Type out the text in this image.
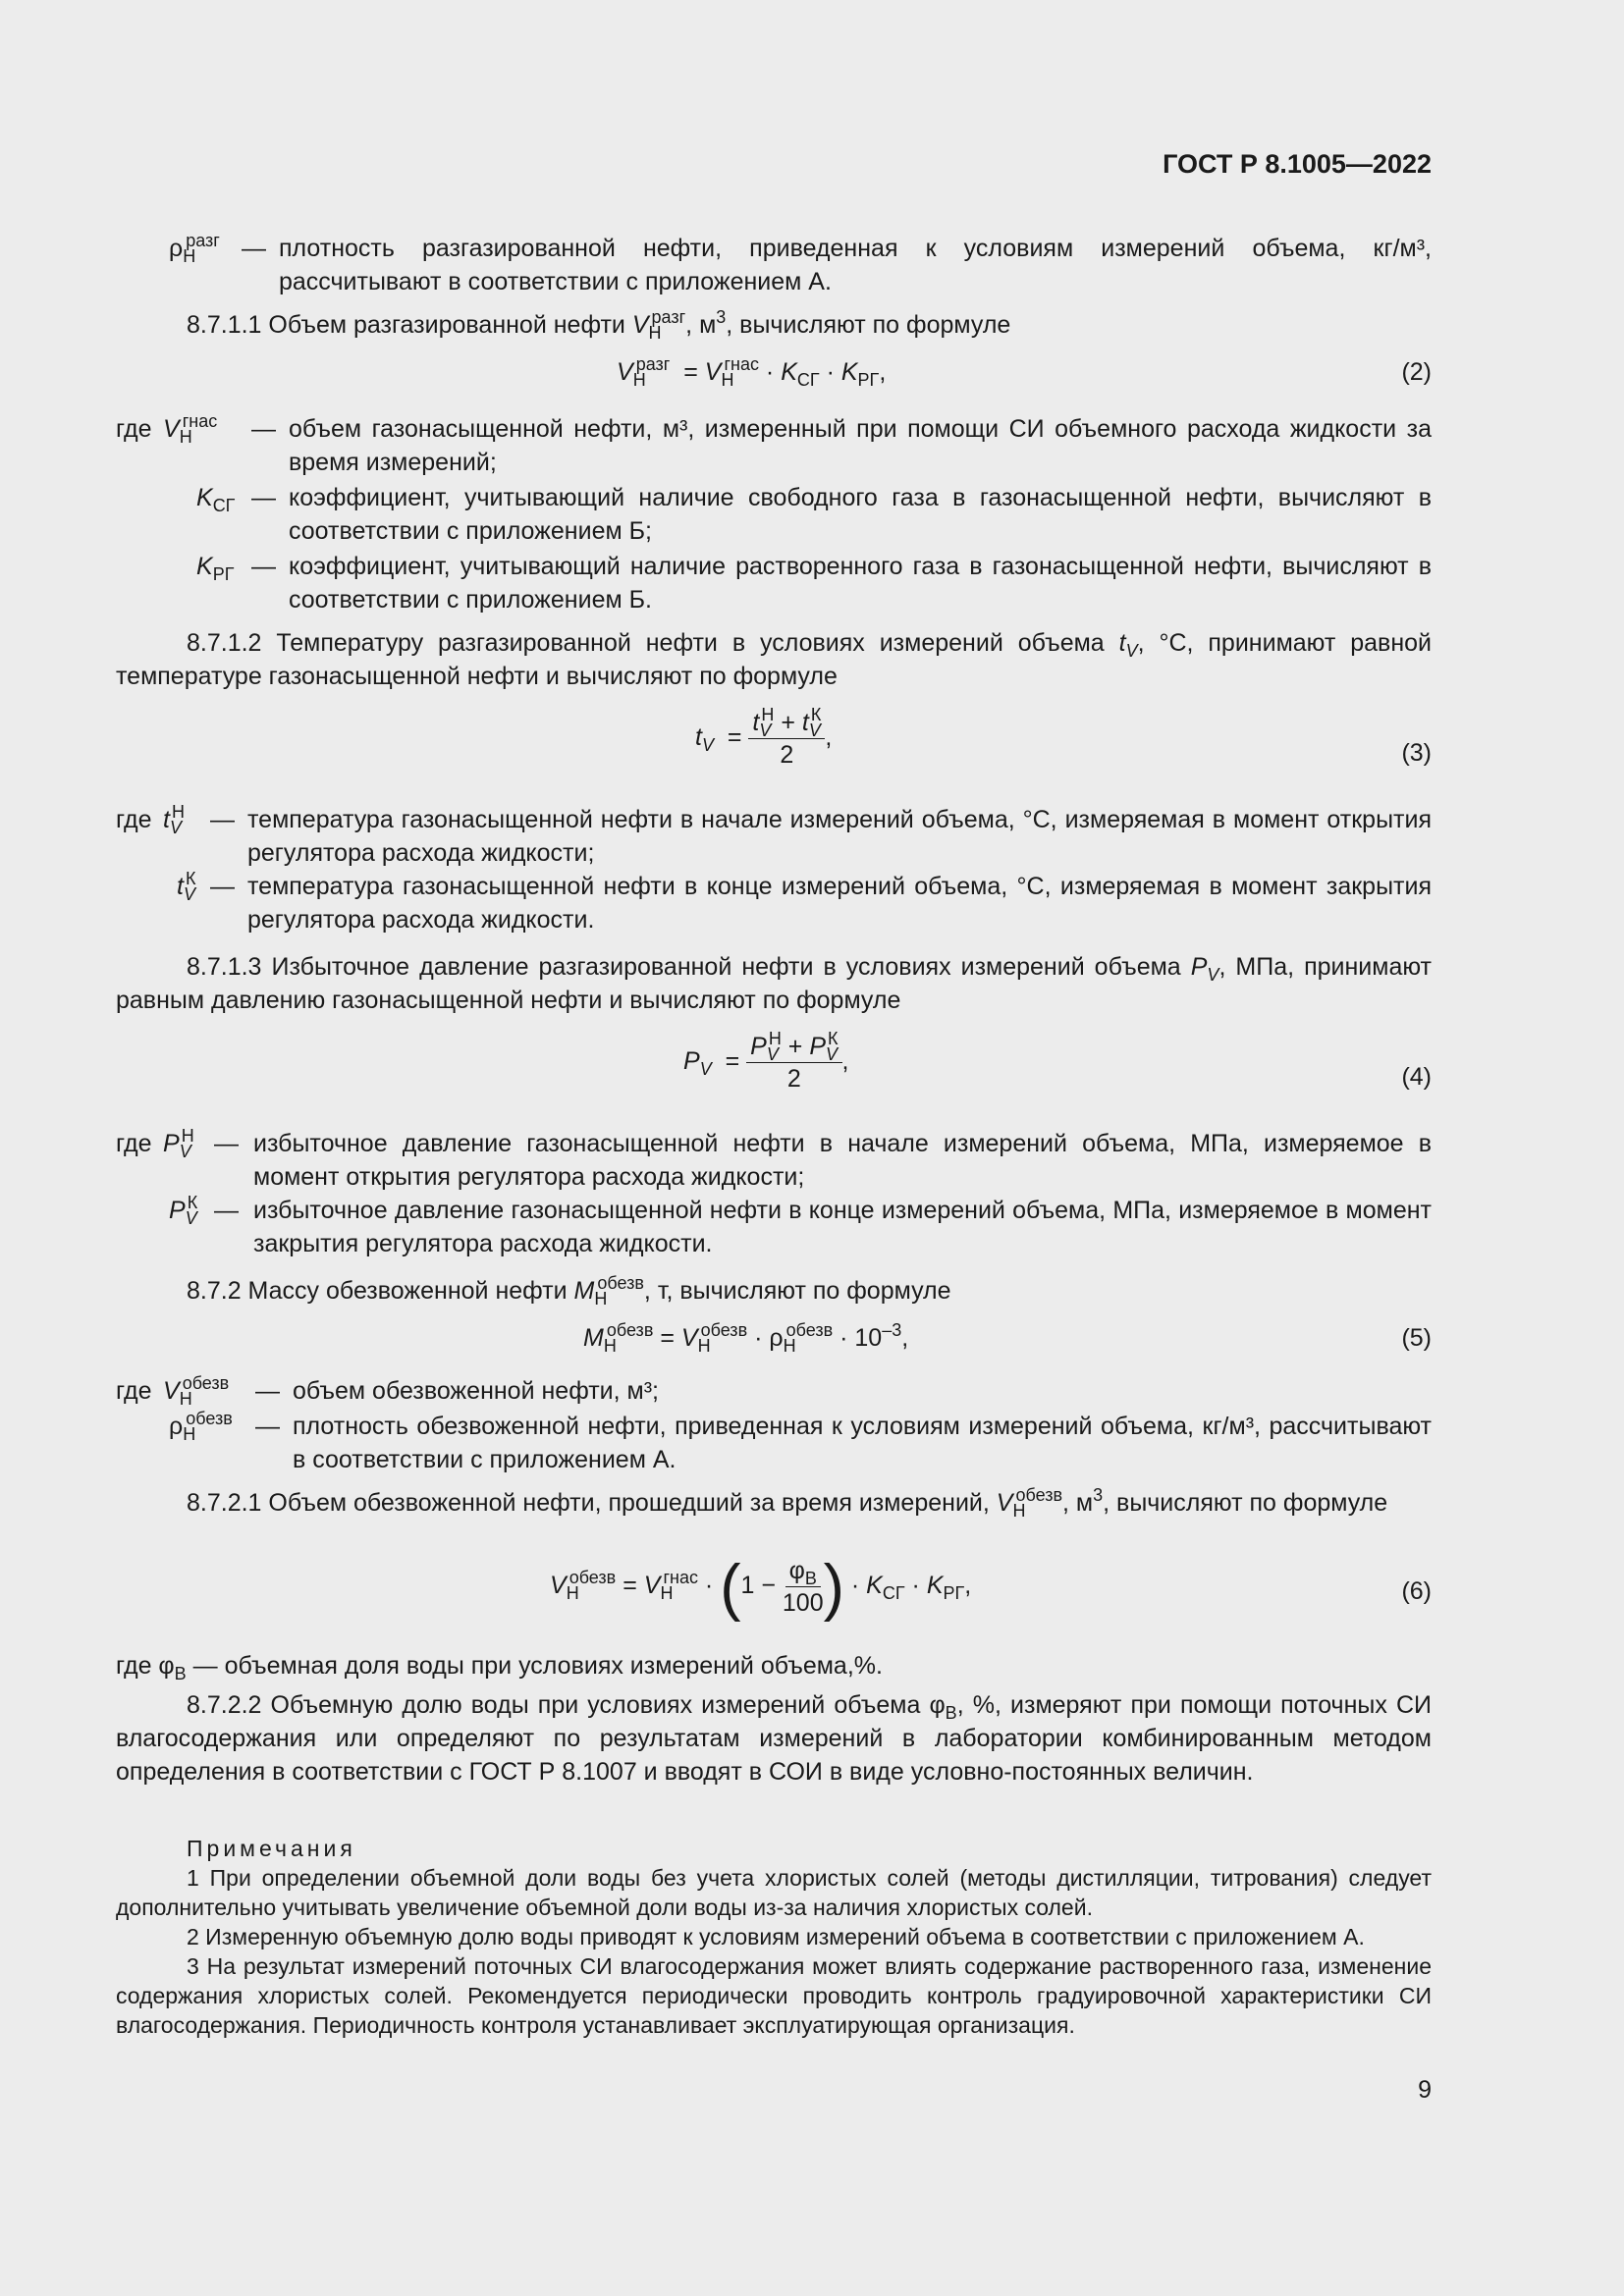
ГОСТ Р 8.1005—2022
$\rho_Н^{разг}$ — плотность разгазированной нефти, приведенная к условиям измерений объема, кг/м³, рассчитывают в соответствии с приложением А.
8.7.1.1 Объем разгазированной нефти $V_Н^{разг}$, $м^3$, вычисляют по формуле
$V_Н^{разг} = V_Н^{гнас} \cdot K_{СГ} \cdot K_{РГ}$,	(2)
где $V_Н^{гнас}$ — объем газонасыщенной нефти, м³, измеренный при помощи СИ объемного расхода жидкости за время измерений;
$K_{СГ}$ — коэффициент, учитывающий наличие свободного газа в газонасыщенной нефти, вычисляют в соответствии с приложением Б;
$K_{РГ}$ — коэффициент, учитывающий наличие растворенного газа в газонасыщенной нефти, вычисляют в соответствии с приложением Б.
8.7.1.2 Температуру разгазированной нефти в условиях измерений объема $t_V$, °С, принимают равной температуре газонасыщенной нефти и вычисляют по формуле
$t_V = \frac{t_V^Н + t_V^К}{2}$ ,
(3)
где $t_V^Н$ — температура газонасыщенной нефти в начале измерений объема, °С, измеряемая в момент открытия регулятора расхода жидкости;
$t_V^К$ — температура газонасыщенной нефти в конце измерений объема, °С, измеряемая в момент закрытия регулятора расхода жидкости.
8.7.1.3 Избыточное давление разгазированной нефти в условиях измерений объема $P_V$, МПа, принимают равным давлению газонасыщенной нефти и вычисляют по формуле
$P_V = \frac{P_V^Н + P_V^К}{2}$ ,
(4)
где $P_V^Н$ — избыточное давление газонасыщенной нефти в начале измерений объема, МПа, измеряемое в момент открытия регулятора расхода жидкости;
$P_V^К$ — избыточное давление газонасыщенной нефти в конце измерений объема, МПа, измеряемое в момент закрытия регулятора расхода жидкости.
8.7.2 Массу обезвоженной нефти $M_Н^{обезв}$, т, вычисляют по формуле
$M_Н^{обезв} = V_Н^{обезв} \cdot \rho_Н^{обезв} \cdot 10^{-3}$,	(5)
где $V_Н^{обезв}$ — объем обезвоженной нефти, м³;
$\rho_Н^{обезв}$ — плотность обезвоженной нефти, приведенная к условиям измерений объема, кг/м³, рассчитывают в соответствии с приложением А.
8.7.2.1 Объем обезвоженной нефти, прошедший за время измерений, $V_Н^{обезв}$, $м^3$, вычисляют по формуле
$V_Н^{обезв} = V_Н^{гнас} \cdot (1 - \frac{\varphi_В}{100}$ ) · $K_{СГ} \cdot K_{РГ}$,	(6)
где $\varphi_В$ — объемная доля воды при условиях измерений объема,%.
8.7.2.2 Объемную долю воды при условиях измерений объема $\varphi_В$, %, измеряют при помощи поточных СИ влагосодержания или определяют по результатам измерений в лаборатории комбинированным методом определения в соответствии с ГОСТ Р 8.1007 и вводят в СОИ в виде условно-постоянных величин.
Примечания
1 При определении объемной доли воды без учета хлористых солей (методы дистилляции, титрования) следует дополнительно учитывать увеличение объемной доли воды из-за наличия хлористых солей.
2 Измеренную объемную долю воды приводят к условиям измерений объема в соответствии с приложением А.
3 На результат измерений поточных СИ влагосодержания может влиять содержание растворенного газа, изменение содержания хлористых солей. Рекомендуется периодически проводить контроль градуировочной характеристики СИ влагосодержания. Периодичность контроля устанавливает эксплуатирующая организация.
9
